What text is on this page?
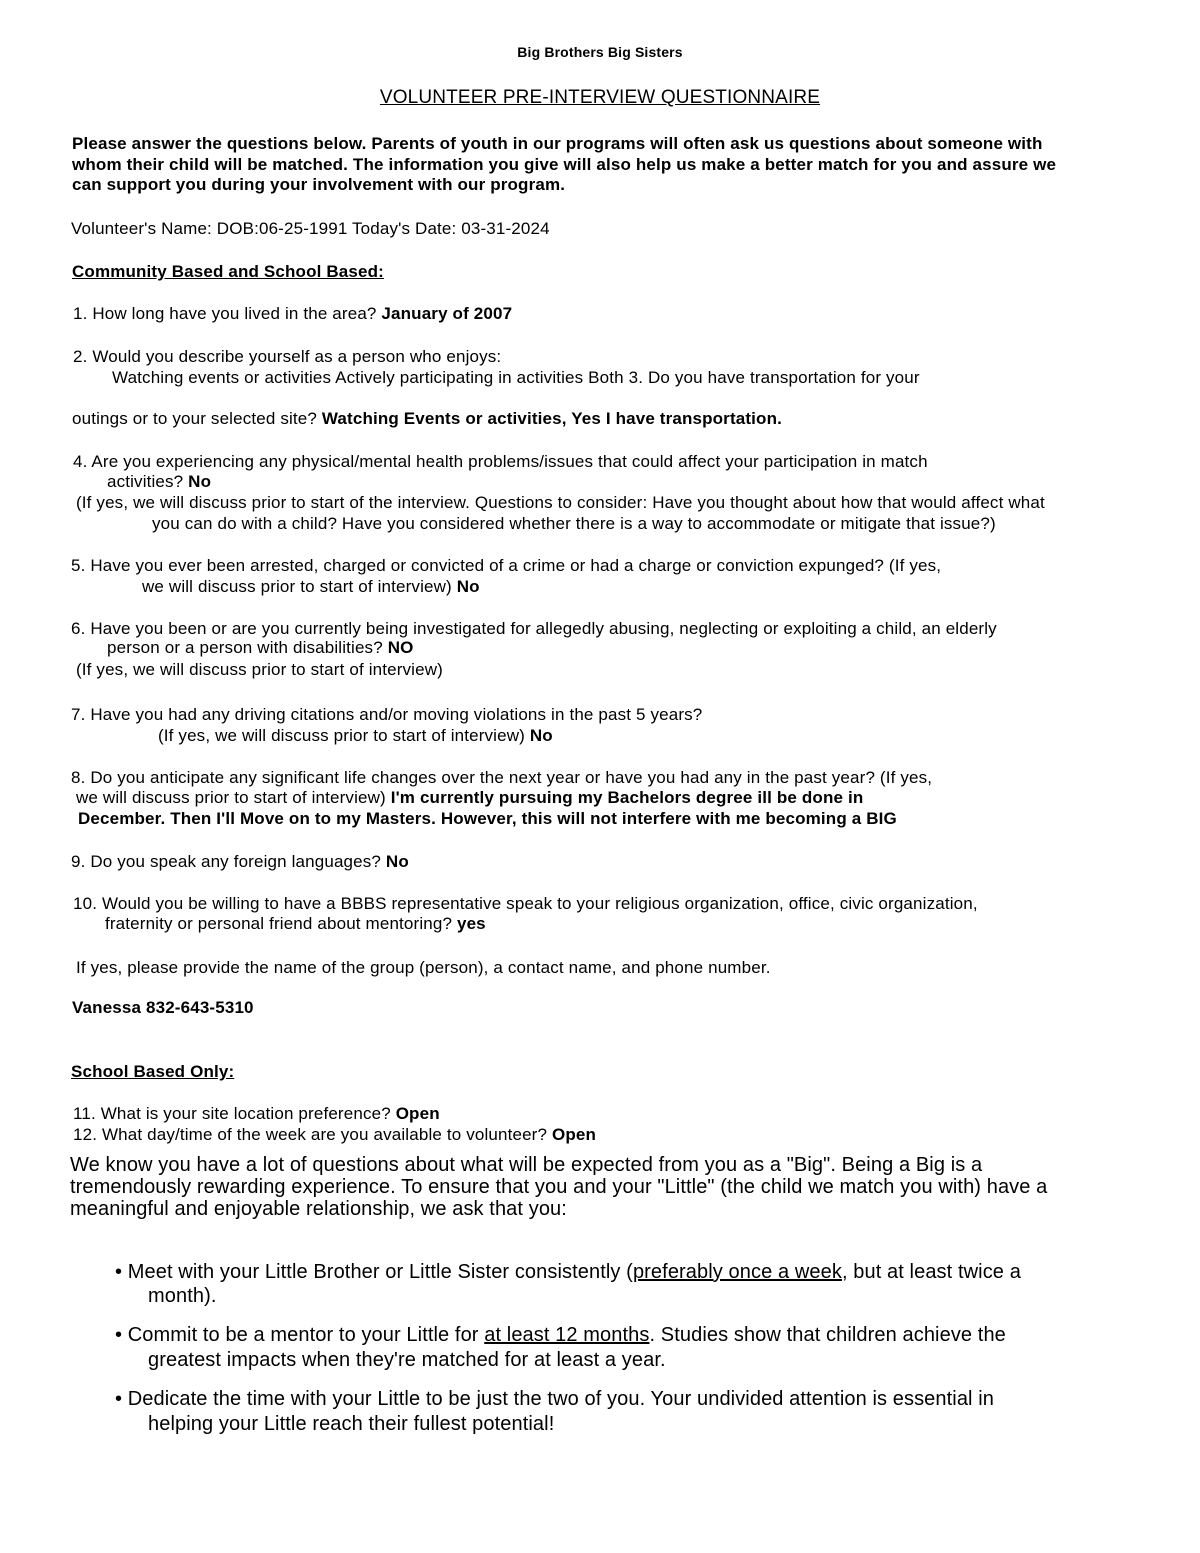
Big Brothers Big Sisters
VOLUNTEER PRE-INTERVIEW QUESTIONNAIRE
Please answer the questions below. Parents of youth in our programs will often ask us questions about someone with
whom their child will be matched. The information you give will also help us make a better match for you and assure we
can support you during your involvement with our program.
Volunteer's Name: DOB:06-25-1991 Today's Date: 03-31-2024
Community Based and School Based:
1. How long have you lived in the area? January of 2007
2. Would you describe yourself as a person who enjoys:
Watching events or activities Actively participating in activities Both 3. Do you have transportation for your
outings or to your selected site? Watching Events or activities, Yes I have transportation.
4. Are you experiencing any physical/mental health problems/issues that could affect your participation in match
activities? No
(If yes, we will discuss prior to start of the interview. Questions to consider: Have you thought about how that would affect what
you can do with a child? Have you considered whether there is a way to accommodate or mitigate that issue?)
5. Have you ever been arrested, charged or convicted of a crime or had a charge or conviction expunged? (If yes,
we will discuss prior to start of interview) No
6. Have you been or are you currently being investigated for allegedly abusing, neglecting or exploiting a child, an elderly
person or a person with disabilities? NO
(If yes, we will discuss prior to start of interview)
7. Have you had any driving citations and/or moving violations in the past 5 years?
(If yes, we will discuss prior to start of interview) No
8. Do you anticipate any significant life changes over the next year or have you had any in the past year? (If yes,
we will discuss prior to start of interview) I'm currently pursuing my Bachelors degree ill be done in
December. Then I'll Move on to my Masters. However, this will not interfere with me becoming a BIG
9. Do you speak any foreign languages? No
10. Would you be willing to have a BBBS representative speak to your religious organization, office, civic organization,
fraternity or personal friend about mentoring? yes
If yes, please provide the name of the group (person), a contact name, and phone number.
Vanessa 832-643-5310
School Based Only:
11. What is your site location preference? Open
12. What day/time of the week are you available to volunteer? Open
We know you have a lot of questions about what will be expected from you as a "Big". Being a Big is a
tremendously rewarding experience. To ensure that you and your "Little" (the child we match you with) have a
meaningful and enjoyable relationship, we ask that you:
• Meet with your Little Brother or Little Sister consistently (preferably once a week, but at least twice a
month).
• Commit to be a mentor to your Little for at least 12 months. Studies show that children achieve the
greatest impacts when they're matched for at least a year.
• Dedicate the time with your Little to be just the two of you. Your undivided attention is essential in
helping your Little reach their fullest potential!
